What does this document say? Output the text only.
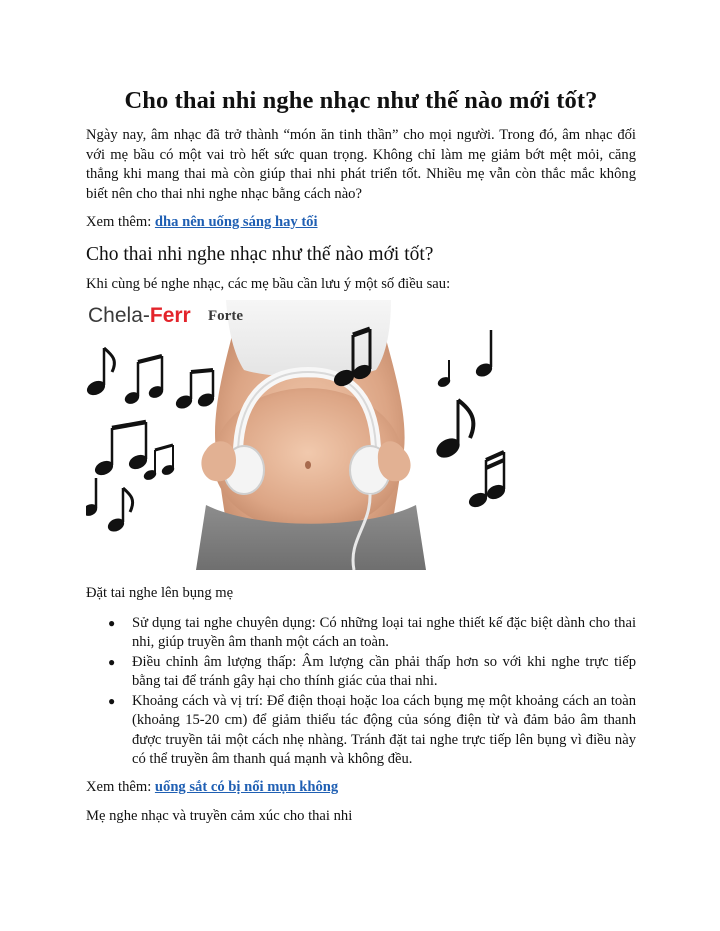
Cho thai nhi nghe nhạc như thế nào mới tốt?

Ngày nay, âm nhạc đã trở thành “món ăn tinh thần” cho mọi người. Trong đó, âm nhạc đối với mẹ bầu có một vai trò hết sức quan trọng. Không chỉ làm mẹ giảm bớt mệt mỏi, căng thẳng khi mang thai mà còn giúp thai nhi phát triển tốt. Nhiều mẹ vẫn còn thắc mắc không biết nên cho thai nhi nghe nhạc bằng cách nào?

Xem thêm: dha nên uống sáng hay tối

Cho thai nhi nghe nhạc như thế nào mới tốt?

Khi cùng bé nghe nhạc, các mẹ bầu cần lưu ý một số điều sau:

Chela-Ferr Forte

Đặt tai nghe lên bụng mẹ

● Sử dụng tai nghe chuyên dụng: Có những loại tai nghe thiết kế đặc biệt dành cho thai nhi, giúp truyền âm thanh một cách an toàn.
● Điều chỉnh âm lượng thấp: Âm lượng cần phải thấp hơn so với khi nghe trực tiếp bằng tai để tránh gây hại cho thính giác của thai nhi.
● Khoảng cách và vị trí: Để điện thoại hoặc loa cách bụng mẹ một khoảng cách an toàn (khoảng 15-20 cm) để giảm thiểu tác động của sóng điện từ và đảm bảo âm thanh được truyền tải một cách nhẹ nhàng. Tránh đặt tai nghe trực tiếp lên bụng vì điều này có thể truyền âm thanh quá mạnh và không đều.

Xem thêm: uống sắt có bị nổi mụn không

Mẹ nghe nhạc và truyền cảm xúc cho thai nhi
